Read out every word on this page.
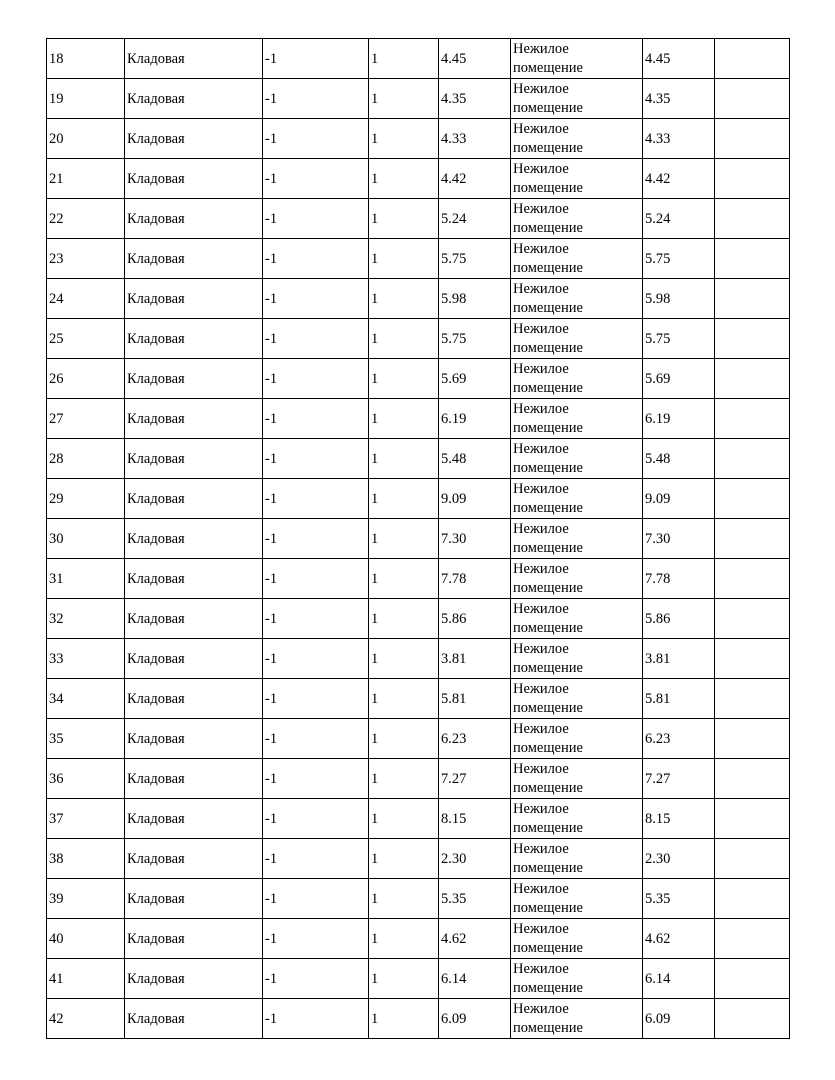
18	Кладовая	-1	1	4.45	Нежилое
помещение	4.45	
19	Кладовая	-1	1	4.35	Нежилое
помещение	4.35	
20	Кладовая	-1	1	4.33	Нежилое
помещение	4.33	
21	Кладовая	-1	1	4.42	Нежилое
помещение	4.42	
22	Кладовая	-1	1	5.24	Нежилое
помещение	5.24	
23	Кладовая	-1	1	5.75	Нежилое
помещение	5.75	
24	Кладовая	-1	1	5.98	Нежилое
помещение	5.98	
25	Кладовая	-1	1	5.75	Нежилое
помещение	5.75	
26	Кладовая	-1	1	5.69	Нежилое
помещение	5.69	
27	Кладовая	-1	1	6.19	Нежилое
помещение	6.19	
28	Кладовая	-1	1	5.48	Нежилое
помещение	5.48	
29	Кладовая	-1	1	9.09	Нежилое
помещение	9.09	
30	Кладовая	-1	1	7.30	Нежилое
помещение	7.30	
31	Кладовая	-1	1	7.78	Нежилое
помещение	7.78	
32	Кладовая	-1	1	5.86	Нежилое
помещение	5.86	
33	Кладовая	-1	1	3.81	Нежилое
помещение	3.81	
34	Кладовая	-1	1	5.81	Нежилое
помещение	5.81	
35	Кладовая	-1	1	6.23	Нежилое
помещение	6.23	
36	Кладовая	-1	1	7.27	Нежилое
помещение	7.27	
37	Кладовая	-1	1	8.15	Нежилое
помещение	8.15	
38	Кладовая	-1	1	2.30	Нежилое
помещение	2.30	
39	Кладовая	-1	1	5.35	Нежилое
помещение	5.35	
40	Кладовая	-1	1	4.62	Нежилое
помещение	4.62	
41	Кладовая	-1	1	6.14	Нежилое
помещение	6.14	
42	Кладовая	-1	1	6.09	Нежилое
помещение	6.09	
